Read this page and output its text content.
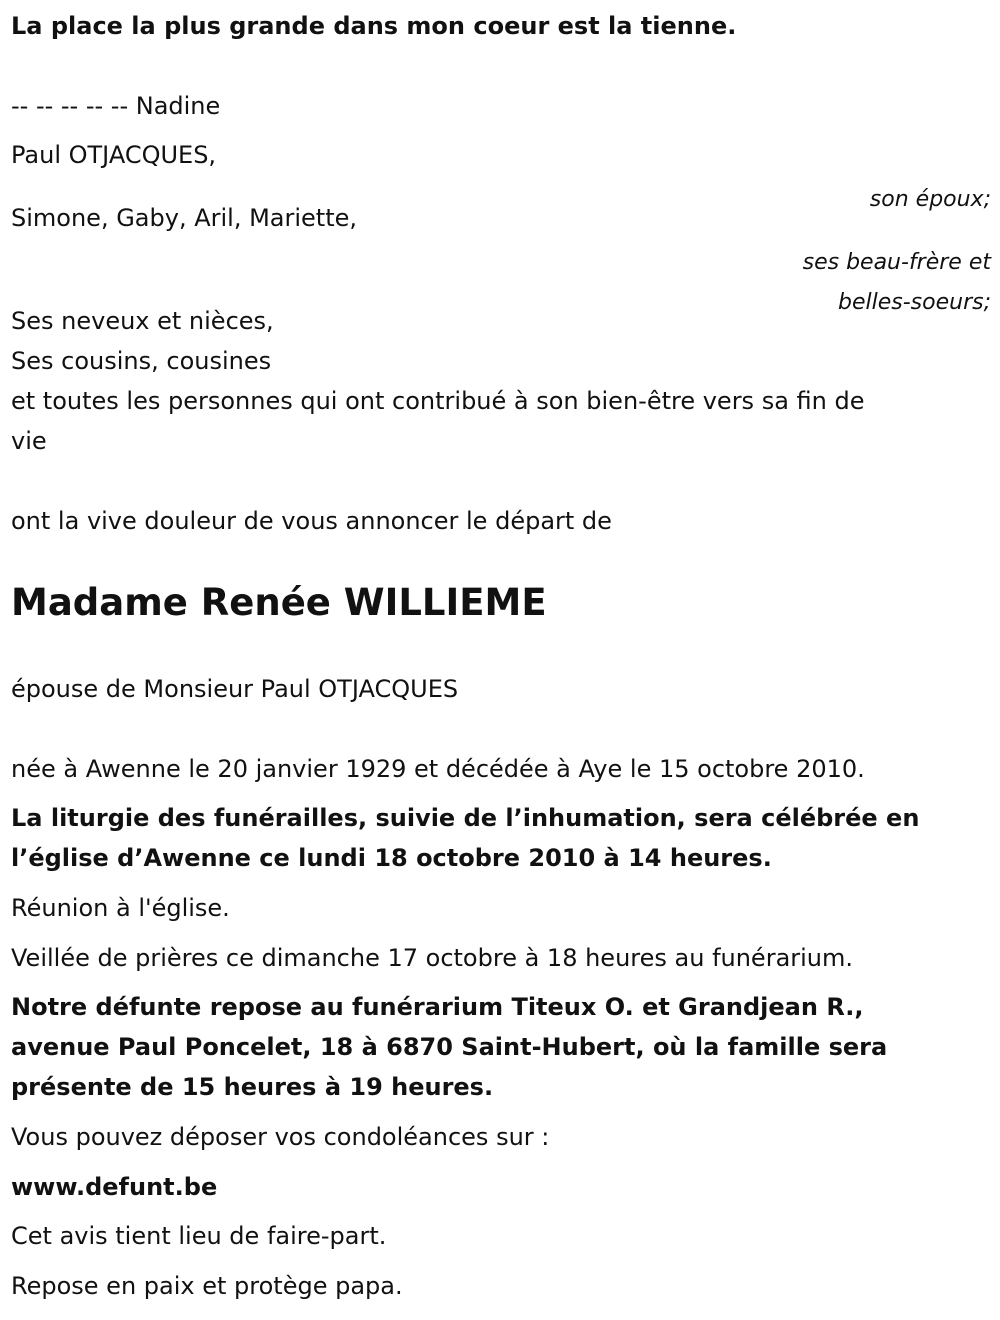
La place la plus grande dans mon coeur est la tienne.

-- -- -- -- -- Nadine

Paul OTJACQUES,

son époux;

Simone, Gaby, Aril, Mariette,

ses beau-frère et

belles-soeurs;

Ses neveux et nièces,

Ses cousins, cousines

et toutes les personnes qui ont contribué à son bien-être vers sa fin de

vie

ont la vive douleur de vous annoncer le départ de

Madame Renée WILLIEME

épouse de Monsieur Paul OTJACQUES

née à Awenne le 20 janvier 1929 et décédée à Aye le 15 octobre 2010.

La liturgie des funérailles, suivie de l’inhumation, sera célébrée en

l’église d’Awenne ce lundi 18 octobre 2010 à 14 heures.

Réunion à l'église.

Veillée de prières ce dimanche 17 octobre à 18 heures au funérarium.

Notre défunte repose au funérarium Titeux O. et Grandjean R.,

avenue Paul Poncelet, 18 à 6870 Saint-Hubert, où la famille sera

présente de 15 heures à 19 heures.

Vous pouvez déposer vos condoléances sur :

www.defunt.be

Cet avis tient lieu de faire-part.

Repose en paix et protège papa.
